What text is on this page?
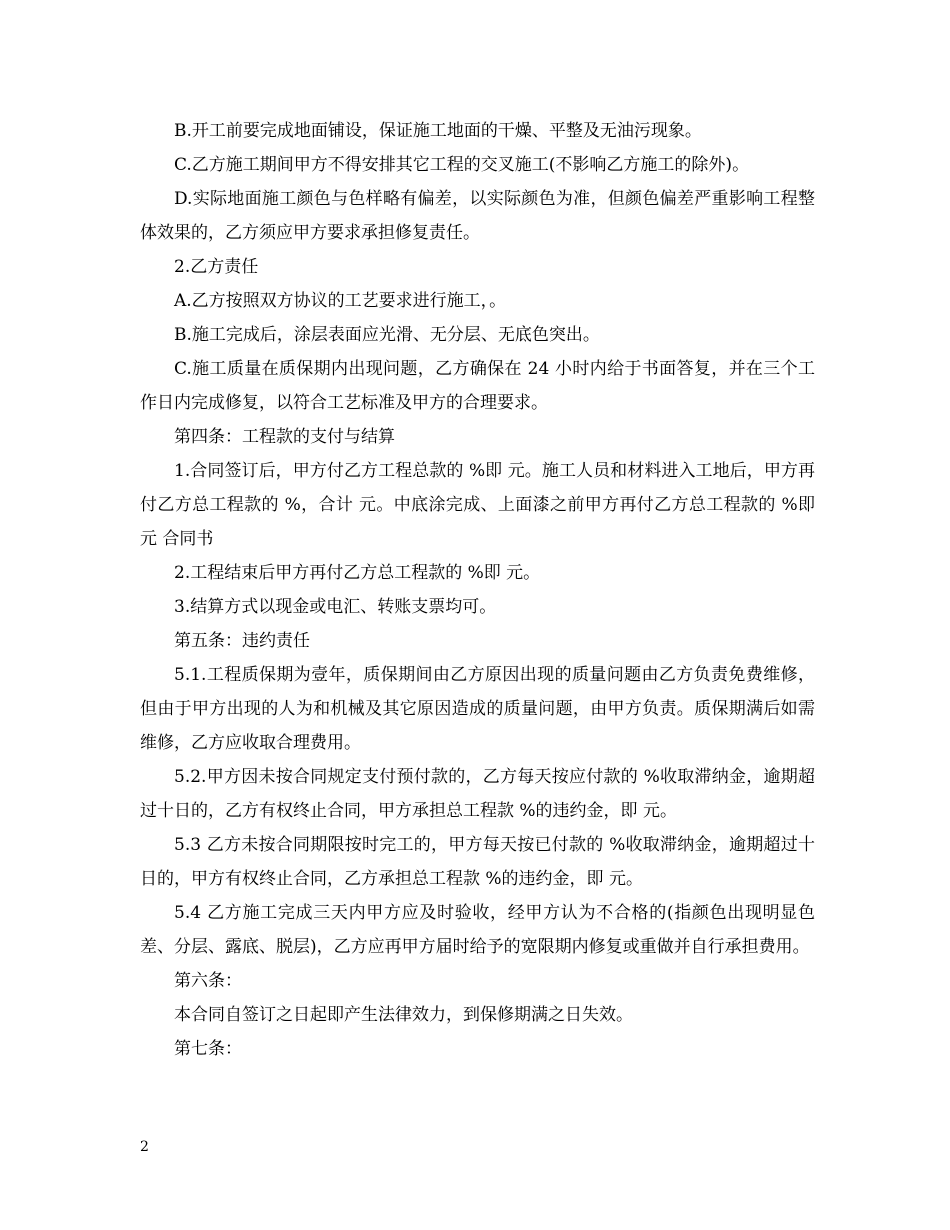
B.开工前要完成地面铺设，保证施工地面的干燥、平整及无油污现象。

C.乙方施工期间甲方不得安排其它工程的交叉施工(不影响乙方施工的除外)。

D.实际地面施工颜色与色样略有偏差，以实际颜色为准，但颜色偏差严重影响工程整体效果的，乙方须应甲方要求承担修复责任。

2.乙方责任

A.乙方按照双方协议的工艺要求进行施工，。

B.施工完成后，涂层表面应光滑、无分层、无底色突出。

C.施工质量在质保期内出现问题，乙方确保在 24 小时内给于书面答复，并在三个工作日内完成修复，以符合工艺标准及甲方的合理要求。

第四条：工程款的支付与结算

1.合同签订后，甲方付乙方工程总款的 %即 元。施工人员和材料进入工地后，甲方再付乙方总工程款的 %，合计 元。中底涂完成、上面漆之前甲方再付乙方总工程款的 %即 元 合同书

2.工程结束后甲方再付乙方总工程款的 %即 元。

3.结算方式以现金或电汇、转账支票均可。

第五条：违约责任

5.1.工程质保期为壹年，质保期间由乙方原因出现的质量问题由乙方负责免费维修，但由于甲方出现的人为和机械及其它原因造成的质量问题，由甲方负责。质保期满后如需维修，乙方应收取合理费用。

5.2.甲方因未按合同规定支付预付款的，乙方每天按应付款的 %收取滞纳金，逾期超过十日的，乙方有权终止合同，甲方承担总工程款 %的违约金，即 元。

5.3 乙方未按合同期限按时完工的，甲方每天按已付款的 %收取滞纳金，逾期超过十日的，甲方有权终止合同，乙方承担总工程款 %的违约金，即 元。

5.4 乙方施工完成三天内甲方应及时验收，经甲方认为不合格的(指颜色出现明显色差、分层、露底、脱层)，乙方应再甲方届时给予的宽限期内修复或重做并自行承担费用。

第六条：

本合同自签订之日起即产生法律效力，到保修期满之日失效。

第七条：

2
